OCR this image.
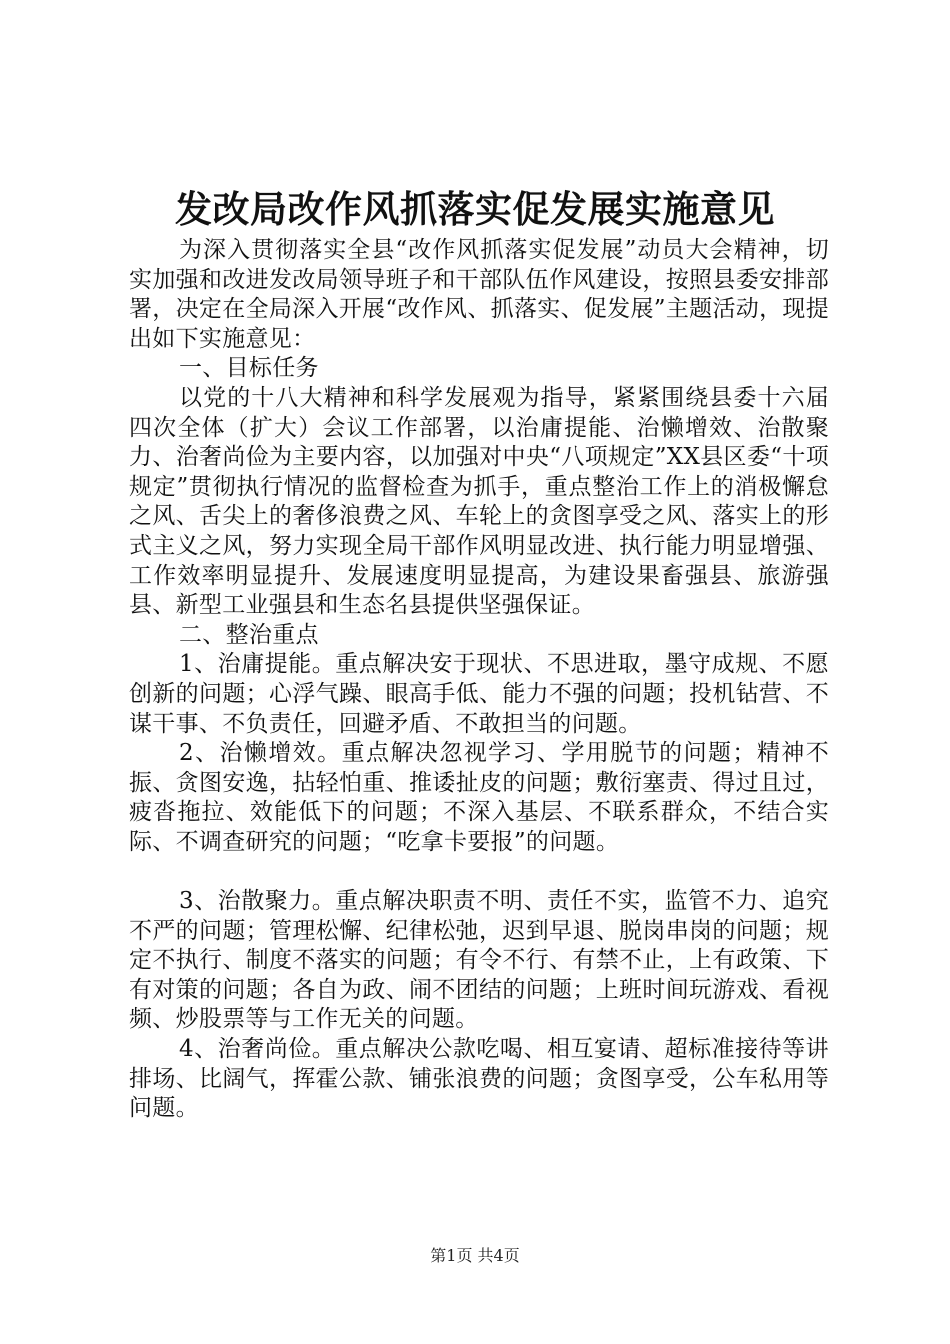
发改局改作风抓落实促发展实施意见

为深入贯彻落实全县“改作风抓落实促发展”动员大会精神，切实加强和改进发改局领导班子和干部队伍作风建设，按照县委安排部署，决定在全局深入开展“改作风、抓落实、促发展”主题活动，现提出如下实施意见：

一、目标任务

以党的十八大精神和科学发展观为指导，紧紧围绕县委十六届四次全体（扩大）会议工作部署，以治庸提能、治懒增效、治散聚力、治奢尚俭为主要内容，以加强对中央“八项规定”XX县区委“十项规定”贯彻执行情况的监督检查为抓手，重点整治工作上的消极懈怠之风、舌尖上的奢侈浪费之风、车轮上的贪图享受之风、落实上的形式主义之风，努力实现全局干部作风明显改进、执行能力明显增强、工作效率明显提升、发展速度明显提高，为建设果畜强县、旅游强县、新型工业强县和生态名县提供坚强保证。

二、整治重点

1、治庸提能。重点解决安于现状、不思进取，墨守成规、不愿创新的问题；心浮气躁、眼高手低、能力不强的问题；投机钻营、不谋干事、不负责任，回避矛盾、不敢担当的问题。

2、治懒增效。重点解决忽视学习、学用脱节的问题；精神不振、贪图安逸，拈轻怕重、推诿扯皮的问题；敷衍塞责、得过且过，疲沓拖拉、效能低下的问题；不深入基层、不联系群众，不结合实际、不调查研究的问题；“吃拿卡要报”的问题。

3、治散聚力。重点解决职责不明、责任不实，监管不力、追究不严的问题；管理松懈、纪律松弛，迟到早退、脱岗串岗的问题；规定不执行、制度不落实的问题；有令不行、有禁不止，上有政策、下有对策的问题；各自为政、闹不团结的问题；上班时间玩游戏、看视频、炒股票等与工作无关的问题。

4、治奢尚俭。重点解决公款吃喝、相互宴请、超标准接待等讲排场、比阔气，挥霍公款、铺张浪费的问题；贪图享受，公车私用等问题。

第1页 共4页
